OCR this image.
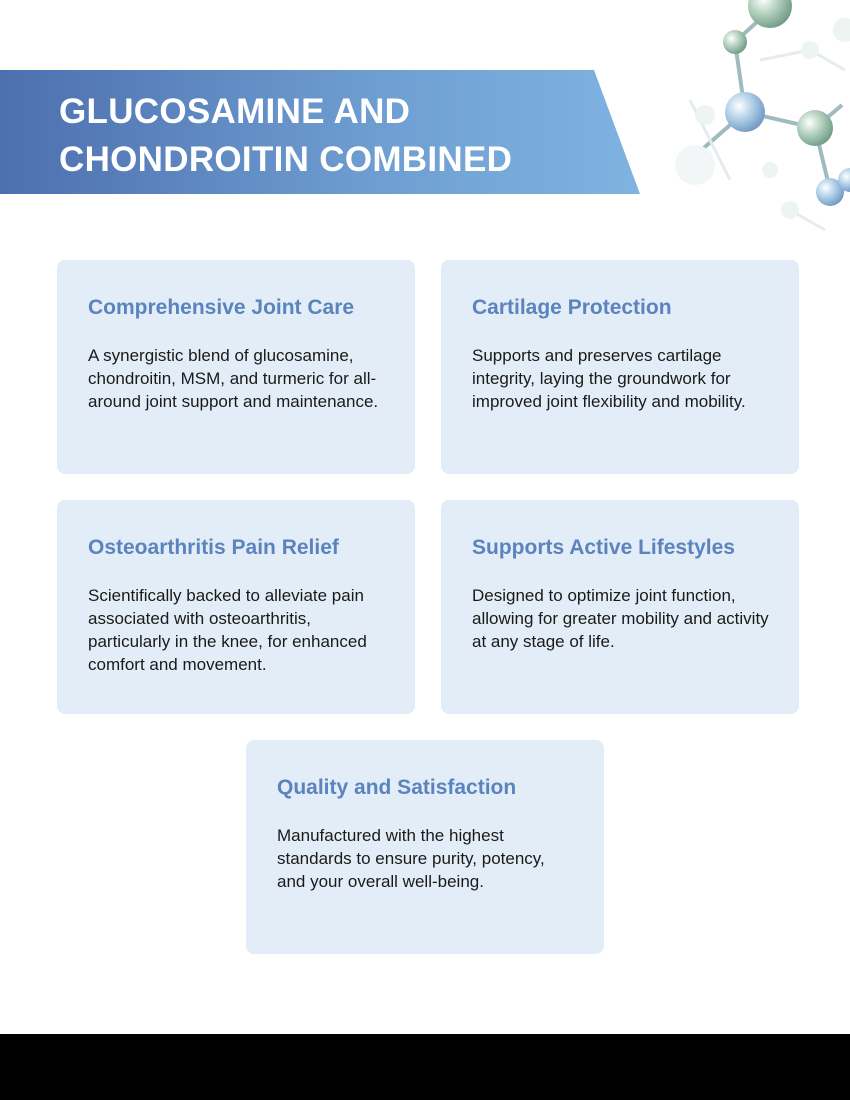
GLUCOSAMINE AND CHONDROITIN COMBINED
Comprehensive Joint Care

A synergistic blend of glucosamine, chondroitin, MSM, and turmeric for all-around joint support and maintenance.

Cartilage Protection

Supports and preserves cartilage integrity, laying the groundwork for improved joint flexibility and mobility.

Osteoarthritis Pain Relief

Scientifically backed to alleviate pain associated with osteoarthritis, particularly in the knee, for enhanced comfort and movement.

Supports Active Lifestyles

Designed to optimize joint function, allowing for greater mobility and activity at any stage of life.

Quality and Satisfaction

Manufactured with the highest standards to ensure purity, potency, and your overall well-being.
